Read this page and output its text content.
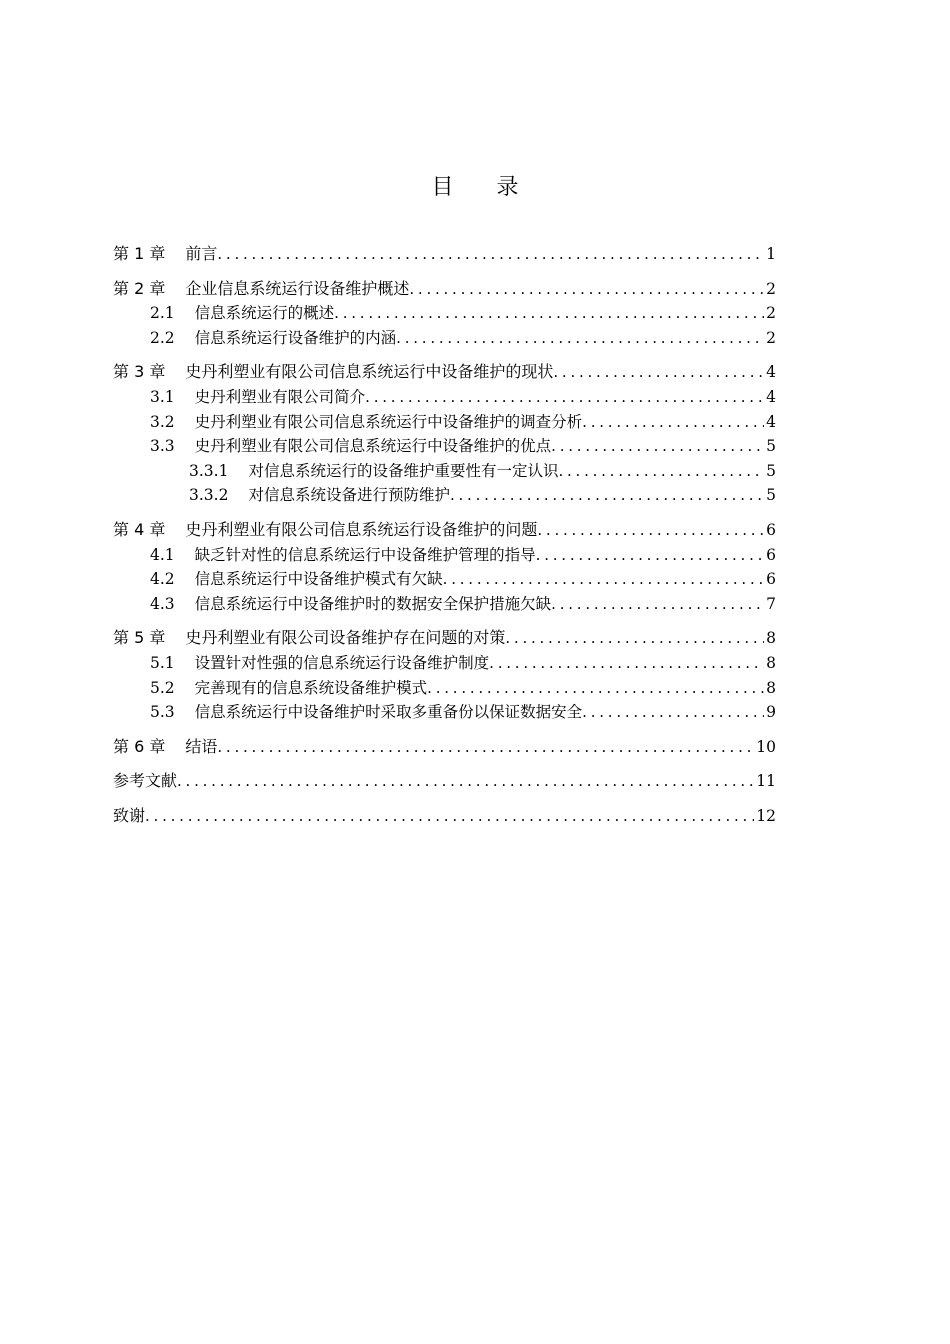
目 录
第 1 章 前言 . . .	1
第 2 章 企业信息系统运行设备维护概述 . . .	2
2.1 信息系统运行的概述 . . .	2
2.2 信息系统运行设备维护的内涵 . . .	2
第 3 章 史丹利塑业有限公司信息系统运行中设备维护的现状 . . .	4
3.1 史丹利塑业有限公司简介 . . .	4
3.2 史丹利塑业有限公司信息系统运行中设备维护的调查分析 . . .	4
3.3 史丹利塑业有限公司信息系统运行中设备维护的优点 . . .	5
3.3.1 对信息系统运行的设备维护重要性有一定认识 . . .	5
3.3.2 对信息系统设备进行预防维护 . . .	5
第 4 章 史丹利塑业有限公司信息系统运行设备维护的问题 . . .	6
4.1 缺乏针对性的信息系统运行中设备维护管理的指导 . . .	6
4.2 信息系统运行中设备维护模式有欠缺 . . .	6
4.3 信息系统运行中设备维护时的数据安全保护措施欠缺 . . .	7
第 5 章 史丹利塑业有限公司设备维护存在问题的对策 . . .	8
5.1 设置针对性强的信息系统运行设备维护制度 . . .	8
5.2 完善现有的信息系统设备维护模式 . . .	8
5.3 信息系统运行中设备维护时采取多重备份以保证数据安全 . . .	9
第 6 章 结语 . . .	10
参考文献 . . .	11
致谢 . . .	12
